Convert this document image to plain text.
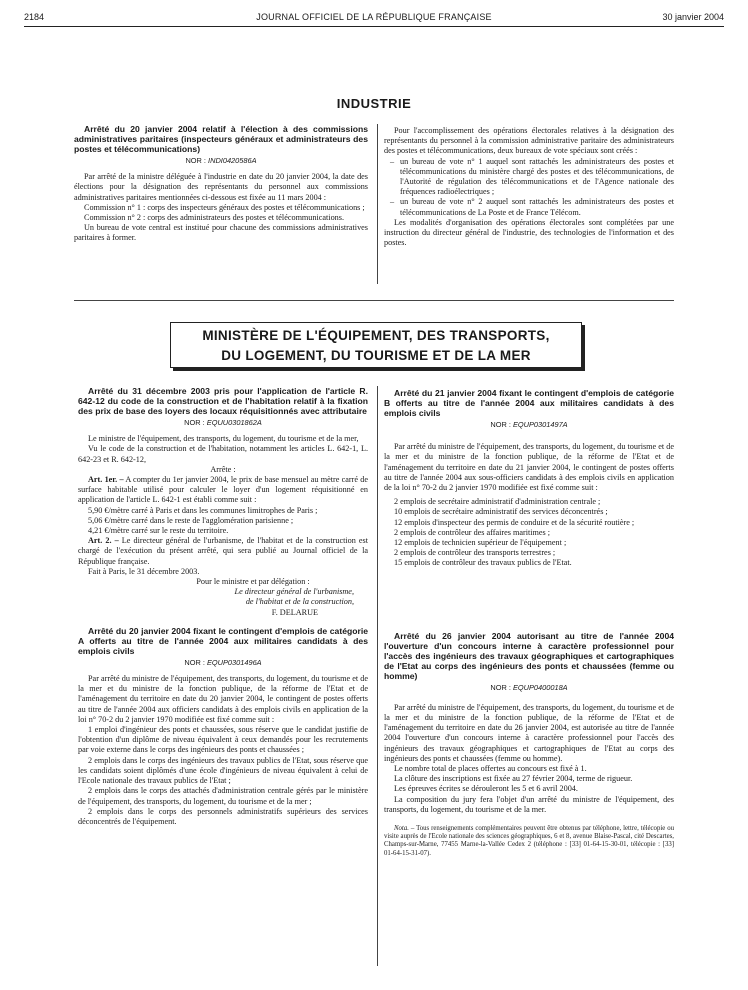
2184	JOURNAL OFFICIEL DE LA RÉPUBLIQUE FRANÇAISE	30 janvier 2004
INDUSTRIE

Arrêté du 20 janvier 2004 relatif à l'élection à des commissions administratives paritaires (inspecteurs généraux et administrateurs des postes et télécommunications)

NOR : INDI0420586A

Par arrêté de la ministre déléguée à l'industrie en date du 20 janvier 2004, la date des élections pour la désignation des représentants du personnel aux commissions administratives paritaires mentionnées ci-dessous est fixée au 11 mars 2004 :

Commission n° 1 : corps des inspecteurs généraux des postes et télécommunications ;

Commission n° 2 : corps des administrateurs des postes et télécommunications.

Un bureau de vote central est institué pour chacune des commissions administratives paritaires à former.

Pour l'accomplissement des opérations électorales relatives à la désignation des représentants du personnel à la commission administrative paritaire des administrateurs des postes et télécommunications, deux bureaux de vote spéciaux sont créés :

– un bureau de vote n° 1 auquel sont rattachés les administrateurs des postes et télécommunications du ministère chargé des postes et des télécommunications, de l'Autorité de régulation des télécommunications et de l'Agence nationale des fréquences radioélectriques ;
– un bureau de vote n° 2 auquel sont rattachés les administrateurs des postes et télécommunications de La Poste et de France Télécom.

Les modalités d'organisation des opérations électorales sont complétées par une instruction du directeur général de l'industrie, des technologies de l'information et des postes.

MINISTÈRE DE L'ÉQUIPEMENT, DES TRANSPORTS,
DU LOGEMENT, DU TOURISME ET DE LA MER

Arrêté du 31 décembre 2003 pris pour l'application de l'article R. 642-12 du code de la construction et de l'habitation relatif à la fixation des prix de base des loyers des locaux réquisitionnés avec attributaire

NOR : EQUU0301862A

Le ministre de l'équipement, des transports, du logement, du tourisme et de la mer,

Vu le code de la construction et de l'habitation, notamment les articles L. 642-1, L. 642-23 et R. 642-12,

Arrête :

Art. 1er. – A compter du 1er janvier 2004, le prix de base mensuel au mètre carré de surface habitable utilisé pour calculer le loyer d'un logement réquisitionné en application de l'article L. 642-1 est établi comme suit :

5,90 €/mètre carré à Paris et dans les communes limitrophes de Paris ;

5,06 €/mètre carré dans le reste de l'agglomération parisienne ;

4,21 €/mètre carré sur le reste du territoire.

Art. 2. – Le directeur général de l'urbanisme, de l'habitat et de la construction est chargé de l'exécution du présent arrêté, qui sera publié au Journal officiel de la République française.

Fait à Paris, le 31 décembre 2003.

Pour le ministre et par délégation :

Le directeur général de l'urbanisme,

de l'habitat et de la construction,

F. DELARUE

Arrêté du 20 janvier 2004 fixant le contingent d'emplois de catégorie A offerts au titre de l'année 2004 aux militaires candidats à des emplois civils

NOR : EQUP0301496A

Par arrêté du ministre de l'équipement, des transports, du logement, du tourisme et de la mer et du ministre de la fonction publique, de la réforme de l'Etat et de l'aménagement du territoire en date du 20 janvier 2004, le contingent de postes offerts au titre de l'année 2004 aux officiers candidats à des emplois civils en application de la loi n° 70-2 du 2 janvier 1970 modifiée est fixé comme suit :

1 emploi d'ingénieur des ponts et chaussées, sous réserve que le candidat justifie de l'obtention d'un diplôme de niveau équivalent à ceux demandés pour les recrutements par voie externe dans le corps des ingénieurs des ponts et chaussées ;

2 emplois dans le corps des ingénieurs des travaux publics de l'Etat, sous réserve que les candidats soient diplômés d'une école d'ingénieurs de niveau équivalent à celui de l'Ecole nationale des travaux publics de l'Etat ;

2 emplois dans le corps des attachés d'administration centrale gérés par le ministère de l'équipement, des transports, du logement, du tourisme et de la mer ;

2 emplois dans le corps des personnels administratifs supérieurs des services déconcentrés de l'équipement.

Arrêté du 21 janvier 2004 fixant le contingent d'emplois de catégorie B offerts au titre de l'année 2004 aux militaires candidats à des emplois civils

NOR : EQUP0301497A

Par arrêté du ministre de l'équipement, des transports, du logement, du tourisme et de la mer et du ministre de la fonction publique, de la réforme de l'Etat et de l'aménagement du territoire en date du 21 janvier 2004, le contingent de postes offerts au titre de l'année 2004 aux sous-officiers candidats à des emplois civils en application de la loi n° 70-2 du 2 janvier 1970 modifiée est fixé comme suit :

2 emplois de secrétaire administratif d'administration centrale ;

10 emplois de secrétaire administratif des services déconcentrés ;

12 emplois d'inspecteur des permis de conduire et de la sécurité routière ;

2 emplois de contrôleur des affaires maritimes ;

12 emplois de technicien supérieur de l'équipement ;

2 emplois de contrôleur des transports terrestres ;

15 emplois de contrôleur des travaux publics de l'Etat.

Arrêté du 26 janvier 2004 autorisant au titre de l'année 2004 l'ouverture d'un concours interne à caractère professionnel pour l'accès des ingénieurs des travaux géographiques et cartographiques de l'Etat au corps des ingénieurs des ponts et chaussées (femme ou homme)

NOR : EQUP0400018A

Par arrêté du ministre de l'équipement, des transports, du logement, du tourisme et de la mer et du ministre de la fonction publique, de la réforme de l'Etat et de l'aménagement du territoire en date du 26 janvier 2004, est autorisée au titre de l'année 2004 l'ouverture d'un concours interne à caractère professionnel pour l'accès des ingénieurs des travaux géographiques et cartographiques de l'Etat au corps des ingénieurs des ponts et chaussées (femme ou homme).

Le nombre total de places offertes au concours est fixé à 1.

La clôture des inscriptions est fixée au 27 février 2004, terme de rigueur.

Les épreuves écrites se dérouleront les 5 et 6 avril 2004.

La composition du jury fera l'objet d'un arrêté du ministre de l'équipement, des transports, du logement, du tourisme et de la mer.

Nota. – Tous renseignements complémentaires peuvent être obtenus par téléphone, lettre, télécopie ou visite auprès de l'Ecole nationale des sciences géographiques, 6 et 8, avenue Blaise-Pascal, cité Descartes, Champs-sur-Marne, 77455 Marne-la-Vallée Cedex 2 (téléphone : [33] 01-64-15-30-01, télécopie : [33] 01-64-15-31-07).
